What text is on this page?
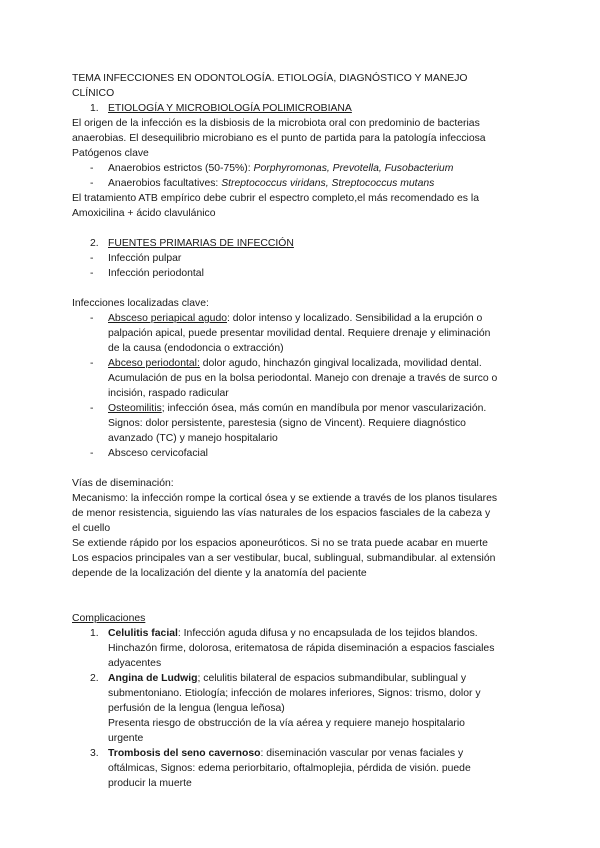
TEMA INFECCIONES EN ODONTOLOGÍA. ETIOLOGÍA, DIAGNÓSTICO Y MANEJO
CLÍNICO
1. ETIOLOGÍA Y MICROBIOLOGÍA POLIMICROBIANA
El origen de la infección es la disbiosis de la microbiota oral con predominio de bacterias
anaerobias. El desequilibrio microbiano es el punto de partida para la patología infecciosa
Patógenos clave
- Anaerobios estrictos (50-75%): Porphyromonas, Prevotella, Fusobacterium
- Anaerobios facultatives: Streptococcus viridans, Streptococcus mutans
El tratamiento ATB empírico debe cubrir el espectro completo,el más recomendado es la
Amoxicilina + ácido clavulánico
2. FUENTES PRIMARIAS DE INFECCIÓN
- Infección pulpar
- Infección periodontal
Infecciones localizadas clave:
- Absceso periapical agudo: dolor intenso y localizado. Sensibilidad a la erupción o
palpación apical, puede presentar movilidad dental. Requiere drenaje y eliminación
de la causa (endodoncia o extracción)
- Abceso periodontal: dolor agudo, hinchazón gingival localizada, movilidad dental.
Acumulación de pus en la bolsa periodontal. Manejo con drenaje a través de surco o
incisión, raspado radicular
- Osteomilitis; infección ósea, más común en mandíbula por menor vascularización.
Signos: dolor persistente, parestesia (signo de Vincent). Requiere diagnóstico
avanzado (TC) y manejo hospitalario
- Absceso cervicofacial
Vías de diseminación:
Mecanismo: la infección rompe la cortical ósea y se extiende a través de los planos tisulares
de menor resistencia, siguiendo las vías naturales de los espacios fasciales de la cabeza y
el cuello
Se extiende rápido por los espacios aponeuróticos. Si no se trata puede acabar en muerte
Los espacios principales van a ser vestibular, bucal, sublingual, submandibular. al extensión
depende de la localización del diente y la anatomía del paciente
Complicaciones
1. Celulitis facial: Infección aguda difusa y no encapsulada de los tejidos blandos.
Hinchazón firme, dolorosa, eritematosa de rápida diseminación a espacios fasciales
adyacentes
2. Angina de Ludwig; celulitis bilateral de espacios submandibular, sublingual y
submentoniano. Etiología; infección de molares inferiores, Signos: trismo, dolor y
perfusión de la lengua (lengua leñosa)
Presenta riesgo de obstrucción de la vía aérea y requiere manejo hospitalario
urgente
3. Trombosis del seno cavernoso: diseminación vascular por venas faciales y
oftálmicas, Signos: edema periorbitario, oftalmoplejia, pérdida de visión. puede
producir la muerte
